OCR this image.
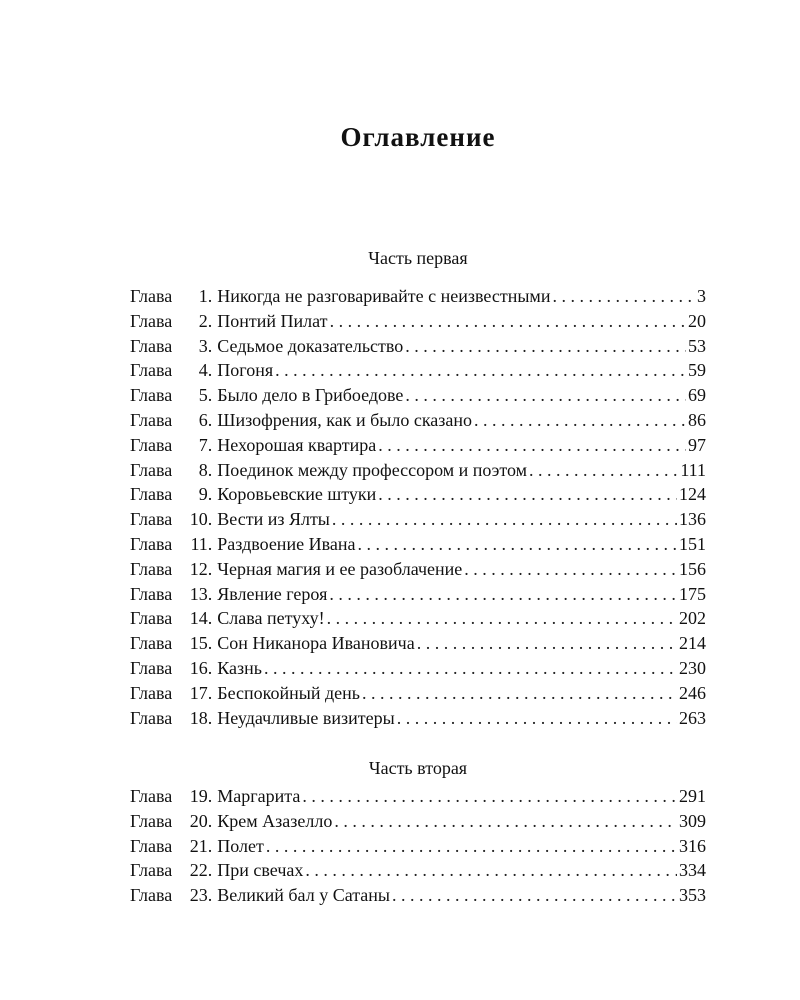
Оглавление
Часть первая
Глава	1. Никогда не разговаривайте с неизвестными . . .	3
Глава	2. Понтий Пилат . . .	20
Глава	3. Седьмое доказательство . . .	53
Глава	4. Погоня . . .	59
Глава	5. Было дело в Грибоедове . . .	69
Глава	6. Шизофрения, как и было сказано . . .	86
Глава	7. Нехорошая квартира . . .	97
Глава	8. Поединок между профессором и поэтом . . .	111
Глава	9. Коровьевские штуки . . .	124
Глава 10. Вести из Ялты . . .	136
Глава	11. Раздвоение Ивана . . .	151
Глава 12. Черная магия и ее разоблачение . . .	156
Глава 13. Явление героя . . .	175
Глава 14. Слава петуху! . . .	202
Глава 15. Сон Никанора Ивановича . . .	214
Глава 16. Казнь . . .	230
Глава 17. Беспокойный день . . .	246
Глава 18. Неудачливые визитеры . . .	263
Часть вторая
Глава 19. Маргарита . . .	291
Глава 20. Крем Азазелло . . .	309
Глава 21. Полет . . .	316
Глава 22. При свечах . . .	334
Глава 23. Великий бал у Сатаны . . .	353
